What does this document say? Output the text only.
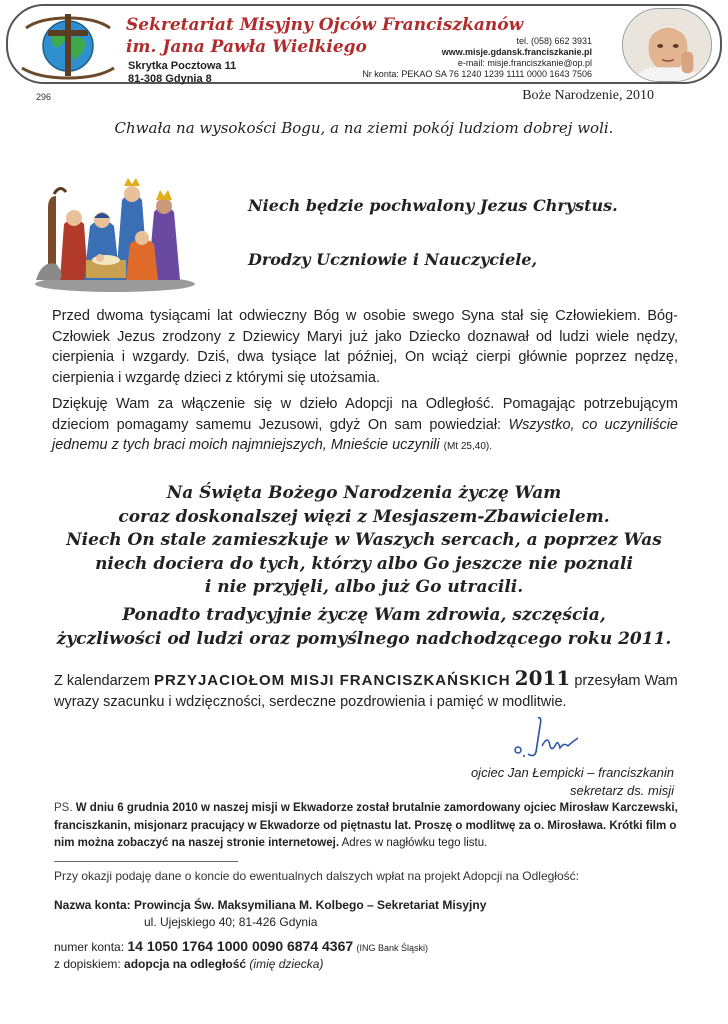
Sekretariat Misyjny Ojców Franciszkanów
im. Jana Pawła Wielkiego
Skrytka Pocztowa 11
81-308 Gdynia 8
tel. (058) 662 3931
www.misje.gdansk.franciszkanie.pl
e-mail: misje.franciszkanie@op.pl
Nr konta: PEKAO SA 76 1240 1239 1111 0000 1643 7506
296	Boże Narodzenie, 2010
Chwała na wysokości Bogu, a na ziemi pokój ludziom dobrej woli.
Niech będzie pochwalony Jezus Chrystus.
Drodzy Uczniowie i Nauczyciele,
Przed dwoma tysiącami lat odwieczny Bóg w osobie swego Syna stał się Człowiekiem. Bóg-Człowiek Jezus zrodzony z Dziewicy Maryi już jako Dziecko doznawał od ludzi wiele nędzy, cierpienia i wzgardy. Dziś, dwa tysiące lat później, On wciąż cierpi głównie poprzez nędzę, cierpienia i wzgardę dzieci z którymi się utożsamia.
Dziękuję Wam za włączenie się w dzieło Adopcji na Odległość. Pomagając potrzebującym dzieciom pomagamy samemu Jezusowi, gdyż On sam powiedział: Wszystko, co uczyniliście jednemu z tych braci moich najmniejszych, Mnieście uczynili (Mt 25,40).
Na Święta Bożego Narodzenia życzę Wam
coraz doskonalszej więzi z Mesjaszem-Zbawicielem.
Niech On stale zamieszkuje w Waszych sercach, a poprzez Was
niech dociera do tych, którzy albo Go jeszcze nie poznali
i nie przyjęli, albo już Go utracili.
Ponadto tradycyjnie życzę Wam zdrowia, szczęścia,
życzliwości od ludzi oraz pomyślnego nadchodzącego roku 2011.
Z kalendarzem PRZYJACIOŁOM MISJI FRANCISZKAŃSKICH 2011 przesyłam Wam wyrazy szacunku i wdzięczności, serdeczne pozdrowienia i pamięć w modlitwie.
ojciec Jan Łempicki – franciszkanin
sekretarz ds. misji
PS. W dniu 6 grudnia 2010 w naszej misji w Ekwadorze został brutalnie zamordowany ojciec Mirosław Karczewski, franciszkanin, misjonarz pracujący w Ekwadorze od piętnastu lat. Proszę o modlitwę za o. Mirosława. Krótki film o nim można zobaczyć na naszej stronie internetowej. Adres w nagłówku tego listu.
Przy okazji podaję dane o koncie do ewentualnych dalszych wpłat na projekt Adopcji na Odległość:
Nazwa konta: Prowincja Św. Maksymiliana M. Kolbego – Sekretariat Misyjny
ul. Ujejskiego 40; 81-426 Gdynia
numer konta: 14 1050 1764 1000 0090 6874 4367 (ING Bank Śląski)
z dopiskiem: adopcja na odległość (imię dziecka)
